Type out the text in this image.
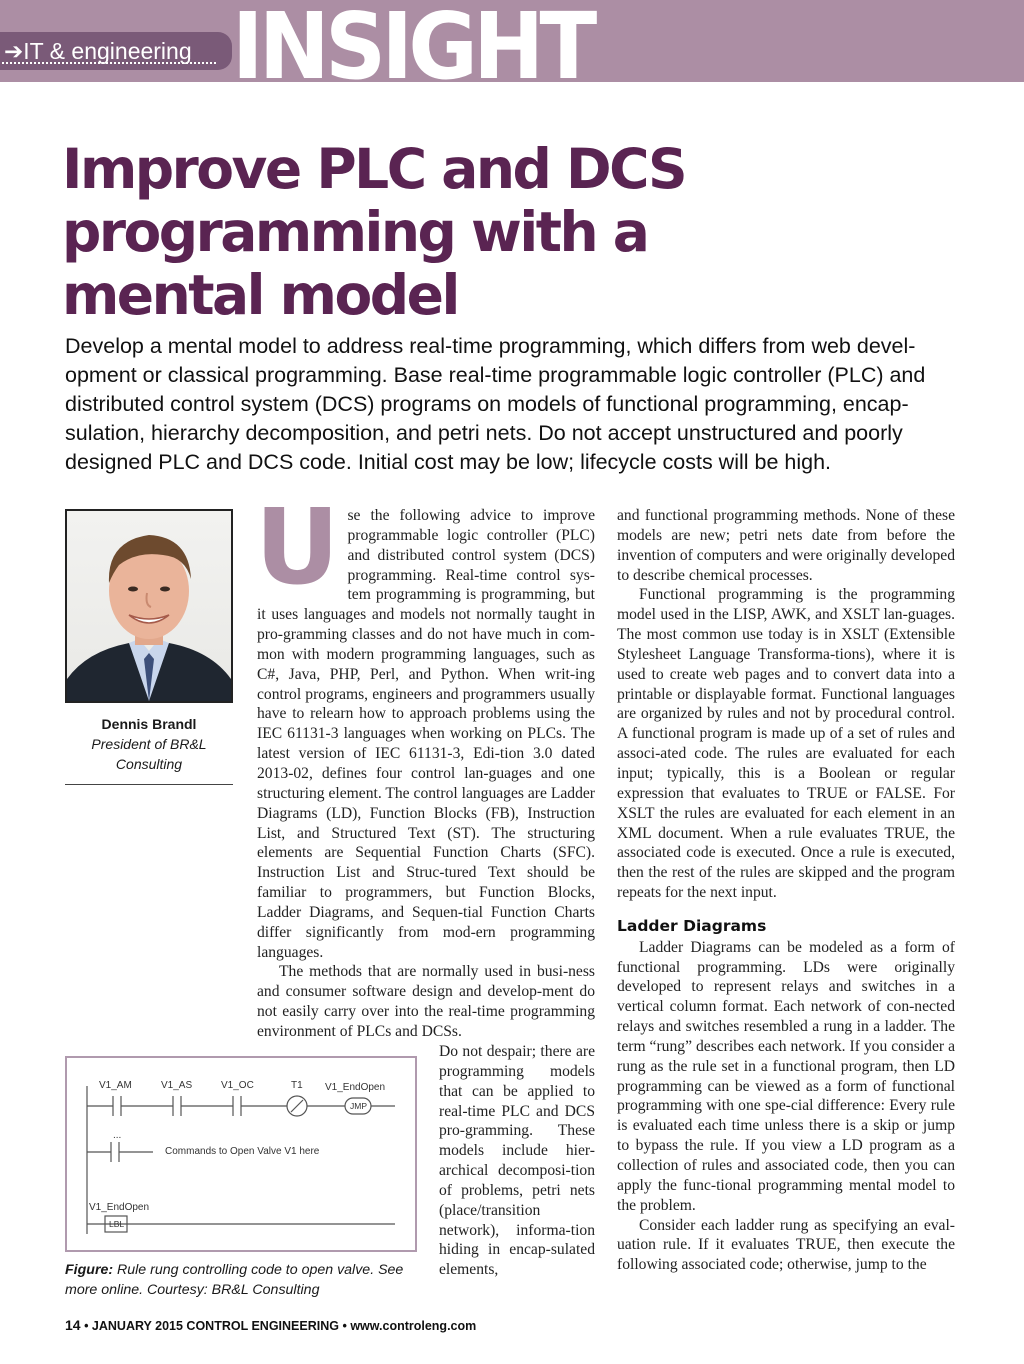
➔IT & engineering INSIGHT
Improve PLC and DCS
programming with a
mental model
Develop a mental model to address real-time programming, which differs from web devel-opment or classical programming. Base real-time programmable logic controller (PLC) and distributed control system (DCS) programs on models of functional programming, encap-sulation, hierarchy decomposition, and petri nets. Do not accept unstructured and poorly designed PLC and DCS code. Initial cost may be low; lifecycle costs will be high.
Dennis Brandl
President of BR&L Consulting
U se the following advice to improve programmable logic controller (PLC) and distributed control system (DCS) programming. Real-time control sys-tem programming is programming, but it uses languages and models not normally taught in pro-gramming classes and do not have much in com-mon with modern programming languages, such as C#, Java, PHP, Perl, and Python. When writ-ing control programs, engineers and programmers usually have to relearn how to approach problems using the IEC 61131-3 languages when working on PLCs. The latest version of IEC 61131-3, Edi-tion 3.0 dated 2013-02, defines four control lan-guages and one structuring element. The control languages are Ladder Diagrams (LD), Function Blocks (FB), Instruction List, and Structured Text (ST). The structuring elements are Sequential Function Charts (SFC). Instruction List and Struc-tured Text should be familiar to programmers, but Function Blocks, Ladder Diagrams, and Sequen-tial Function Charts differ significantly from mod-ern programming languages.

The methods that are normally used in busi-ness and consumer software design and develop-ment do not easily carry over into the real-time programming environment of PLCs and DCSs.

Do not despair; there are programming models that can be applied to real-time PLC and DCS pro-gramming. These models include hier-archical decomposi-tion of problems, petri nets (place/transition network), informa-tion hiding in encap-sulated elements,

and functional programming methods. None of these models are new; petri nets date from before the invention of computers and were originally developed to describe chemical processes.

Functional programming is the programming model used in the LISP, AWK, and XSLT lan-guages. The most common use today is in XSLT (Extensible Stylesheet Language Transforma-tions), where it is used to create web pages and to convert data into a printable or displayable format. Functional languages are organized by rules and not by procedural control. A functional program is made up of a set of rules and associ-ated code. The rules are evaluated for each input; typically, this is a Boolean or regular expression that evaluates to TRUE or FALSE. For XSLT the rules are evaluated for each element in an XML document. When a rule evaluates TRUE, the associated code is executed. Once a rule is executed, then the rest of the rules are skipped and the program repeats for the next input.

Ladder Diagrams

Ladder Diagrams can be modeled as a form of functional programming. LDs were originally developed to represent relays and switches in a vertical column format. Each network of con-nected relays and switches resembled a rung in a ladder. The term “rung” describes each network. If you consider a rung as the rule set in a functional program, then LD programming can be viewed as a form of functional programming with one spe-cial difference: Every rule is evaluated each time unless there is a skip or jump to bypass the rule. If you view a LD program as a collection of rules and associated code, then you can apply the func-tional programming mental model to the problem.

Consider each ladder rung as specifying an eval-uation rule. If it evaluates TRUE, then execute the following associated code; otherwise, jump to the

V1_AM	V1_AS	V1_OC	T1 V1_EndOpen
JMP
...
Commands to Open Valve V1 here
V1_EndOpen
LBL
Figure: Rule rung controlling code to open valve. See more online. Courtesy: BR&L Consulting
14 • JANUARY 2015 CONTROL ENGINEERING • www.controleng.com
